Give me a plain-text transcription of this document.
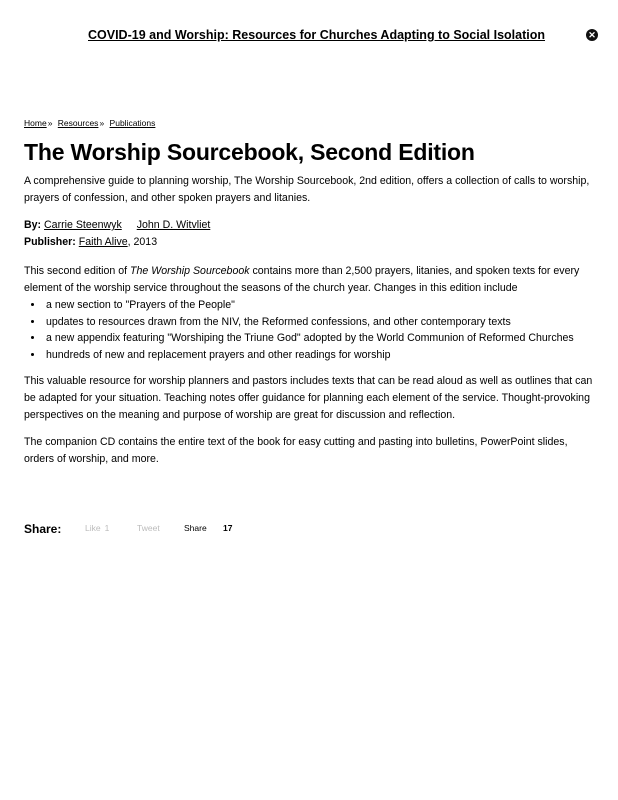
COVID-19 and Worship: Resources for Churches Adapting to Social Isolation	✕
Home» Resources» Publications
The Worship Sourcebook, Second Edition

A comprehensive guide to planning worship, The Worship Sourcebook, 2nd edition, offers a collection of calls to worship, prayers of confession, and other spoken prayers and litanies.

By: Carrie Steenwyk John D. Witvliet

Publisher: Faith Alive, 2013

This second edition of The Worship Sourcebook contains more than 2,500 prayers, litanies, and spoken texts for every element of the worship service throughout the seasons of the church year. Changes in this edition include

• a new section to "Prayers of the People"
• updates to resources drawn from the NIV, the Reformed confessions, and other contemporary texts
• a new appendix featuring "Worshiping the Triune God" adopted by the World Communion of Reformed Churches
• hundreds of new and replacement prayers and other readings for worship

This valuable resource for worship planners and pastors includes texts that can be read aloud as well as outlines that can be adapted for your situation. Teaching notes offer guidance for planning each element of the service. Thought-provoking perspectives on the meaning and purpose of worship are great for discussion and reflection.

The companion CD contains the entire text of the book for easy cutting and pasting into bulletins, PowerPoint slides, orders of worship, and more.

Share:	Like 1	Tweet	Share 17
